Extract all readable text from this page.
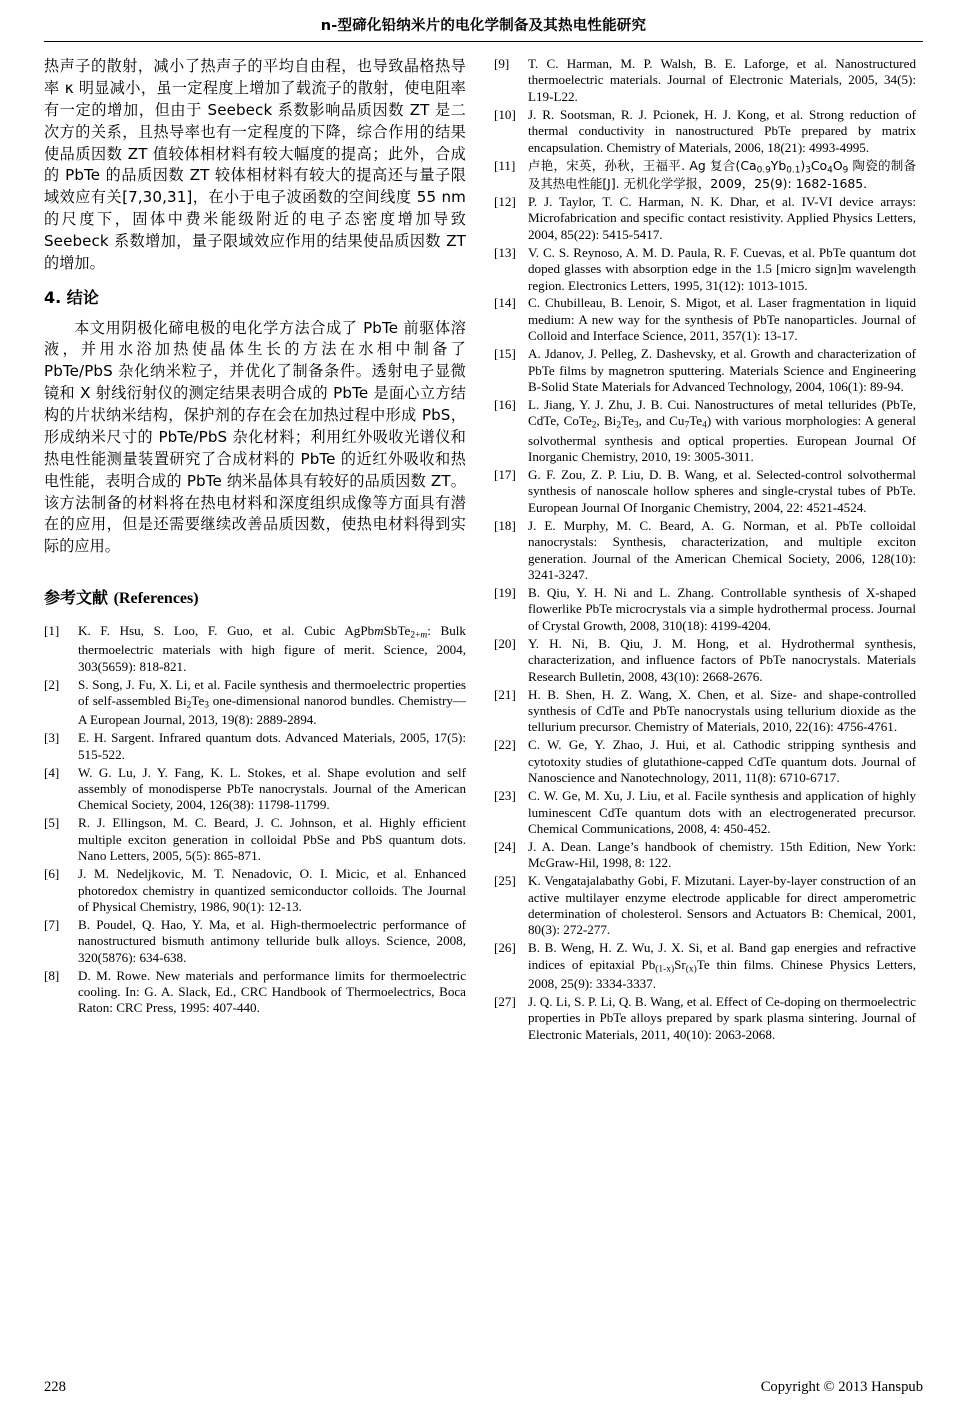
n-型碲化铅纳米片的电化学制备及其热电性能研究

热声子的散射，减小了热声子的平均自由程，也导致晶格热导率 κ 明显减小，虽一定程度上增加了载流子的散射，使电阻率有一定的增加，但由于 Seebeck 系数影响品质因数 ZT 是二次方的关系，且热导率也有一定程度的下降，综合作用的结果使品质因数 ZT 值较体相材料有较大幅度的提高；此外，合成的 PbTe 的品质因数 ZT 较体相材料有较大的提高还与量子限域效应有关[7,30,31]，在小于电子波函数的空间线度 55 nm 的尺度下，固体中费米能级附近的电子态密度增加导致 Seebeck 系数增加，量子限域效应作用的结果使品质因数 ZT 的增加。

4. 结论

本文用阴极化碲电极的电化学方法合成了 PbTe 前驱体溶液，并用水浴加热使晶体生长的方法在水相中制备了 PbTe/PbS 杂化纳米粒子，并优化了制备条件。透射电子显微镜和 X 射线衍射仪的测定结果表明合成的 PbTe 是面心立方结构的片状纳米结构，保护剂的存在会在加热过程中形成 PbS，形成纳米尺寸的 PbTe/PbS 杂化材料；利用红外吸收光谱仪和热电性能测量装置研究了合成材料的 PbTe 的近红外吸收和热电性能，表明合成的 PbTe 纳米晶体具有较好的品质因数 ZT。该方法制备的材料将在热电材料和深度组织成像等方面具有潜在的应用，但是还需要继续改善品质因数，使热电材料得到实际的应用。

参考文献 (References)
[1]	K. F. Hsu, S. Loo, F. Guo, et al. Cubic AgPbmSbTe$_{2+m}$: Bulk thermoelectric materials with high figure of merit. Science, 2004, 303(5659): 818-821.
[2]	S. Song, J. Fu, X. Li, et al. Facile synthesis and thermoelectric properties of self-assembled $Bi_2Te_3$ one-dimensional nanorod bundles. Chemistry—A European Journal, 2013, 19(8): 2889-2894.
[3]	E. H. Sargent. Infrared quantum dots. Advanced Materials, 2005, 17(5): 515-522.
[4]	W. G. Lu, J. Y. Fang, K. L. Stokes, et al. Shape evolution and self assembly of monodisperse PbTe nanocrystals. Journal of the American Chemical Society, 2004, 126(38): 11798-11799.
[5]	R. J. Ellingson, M. C. Beard, J. C. Johnson, et al. Highly efficient multiple exciton generation in colloidal PbSe and PbS quantum dots. Nano Letters, 2005, 5(5): 865-871.
[6]	J. M. Nedeljkovic, M. T. Nenadovic, O. I. Micic, et al. Enhanced photoredox chemistry in quantized semiconductor colloids. The Journal of Physical Chemistry, 1986, 90(1): 12-13.
[7]	B. Poudel, Q. Hao, Y. Ma, et al. High-thermoelectric performance of nanostructured bismuth antimony telluride bulk alloys. Science, 2008, 320(5876): 634-638.
[8]	D. M. Rowe. New materials and performance limits for thermoelectric cooling. In: G. A. Slack, Ed., CRC Handbook of Thermoelectrics, Boca Raton: CRC Press, 1995: 407-440.
[9]	T. C. Harman, M. P. Walsh, B. E. Laforge, et al. Nanostructured thermoelectric materials. Journal of Electronic Materials, 2005, 34(5): L19-L22.
[10] J. R. Sootsman, R. J. Pcionek, H. J. Kong, et al. Strong reduction of thermal conductivity in nanostructured PbTe prepared by matrix encapsulation. Chemistry of Materials, 2006, 18(21): 4993-4995.
[11]	卢艳，宋英，孙秋，王福平. Ag 复合$(Ca_{0.9}Yb_{0.1})_3Co_4O_9$ 陶瓷的制备及其热电性能[J]. 无机化学学报，2009，25(9): 1682-1685.
[12] P. J. Taylor, T. C. Harman, N. K. Dhar, et al. IV-VI device arrays: Microfabrication and specific contact resistivity. Applied Physics Letters, 2004, 85(22): 5415-5417.
[13] V. C. S. Reynoso, A. M. D. Paula, R. F. Cuevas, et al. PbTe quantum dot doped glasses with absorption edge in the 1.5 [micro sign]m wavelength region. Electronics Letters, 1995, 31(12): 1013-1015.
[14] C. Chubilleau, B. Lenoir, S. Migot, et al. Laser fragmentation in liquid medium: A new way for the synthesis of PbTe nanoparticles. Journal of Colloid and Interface Science, 2011, 357(1): 13-17.
[15] A. Jdanov, J. Pelleg, Z. Dashevsky, et al. Growth and characterization of PbTe films by magnetron sputtering. Materials Science and Engineering B-Solid State Materials for Advanced Technology, 2004, 106(1): 89-94.
[16] L. Jiang, Y. J. Zhu, J. B. Cui. Nanostructures of metal tellurides (PbTe, CdTe, CoTe$_2$, $Bi_2Te_3$, and $Cu_7Te_4$) with various morphologies: A general solvothermal synthesis and optical properties. European Journal Of Inorganic Chemistry, 2010, 19: 3005-3011.
[17] G. F. Zou, Z. P. Liu, D. B. Wang, et al. Selected-control solvothermal synthesis of nanoscale hollow spheres and single-crystal tubes of PbTe. European Journal Of Inorganic Chemistry, 2004, 22: 4521-4524.
[18] J. E. Murphy, M. C. Beard, A. G. Norman, et al. PbTe colloidal nanocrystals: Synthesis, characterization, and multiple exciton generation. Journal of the American Chemical Society, 2006, 128(10): 3241-3247.
[19] B. Qiu, Y. H. Ni and L. Zhang. Controllable synthesis of X-shaped flowerlike PbTe microcrystals via a simple hydrothermal process. Journal of Crystal Growth, 2008, 310(18): 4199-4204.
[20] Y. H. Ni, B. Qiu, J. M. Hong, et al. Hydrothermal synthesis, characterization, and influence factors of PbTe nanocrystals. Materials Research Bulletin, 2008, 43(10): 2668-2676.
[21] H. B. Shen, H. Z. Wang, X. Chen, et al. Size- and shape-controlled synthesis of CdTe and PbTe nanocrystals using tellurium dioxide as the tellurium precursor. Chemistry of Materials, 2010, 22(16): 4756-4761.
[22] C. W. Ge, Y. Zhao, J. Hui, et al. Cathodic stripping synthesis and cytotoxity studies of glutathione-capped CdTe quantum dots. Journal of Nanoscience and Nanotechnology, 2011, 11(8): 6710-6717.
[23] C. W. Ge, M. Xu, J. Liu, et al. Facile synthesis and application of highly luminescent CdTe quantum dots with an electrogenerated precursor. Chemical Communications, 2008, 4: 450-452.
[24] J. A. Dean. Lange’s handbook of chemistry. 15th Edition, New York: McGraw-Hil, 1998, 8: 122.
[25] K. Vengatajalabathy Gobi, F. Mizutani. Layer-by-layer construction of an active multilayer enzyme electrode applicable for direct amperometric determination of cholesterol. Sensors and Actuators B: Chemical, 2001, 80(3): 272-277.
[26] B. B. Weng, H. Z. Wu, J. X. Si, et al. Band gap energies and refractive indices of epitaxial $Pb_{(1-x)}Sr_{(x)}Te$ thin films. Chinese Physics Letters, 2008, 25(9): 3334-3337.
[27] J. Q. Li, S. P. Li, Q. B. Wang, et al. Effect of Ce-doping on thermoelectric properties in PbTe alloys prepared by spark plasma sintering. Journal of Electronic Materials, 2011, 40(10): 2063-2068.
228	Copyright © 2013 Hanspub
